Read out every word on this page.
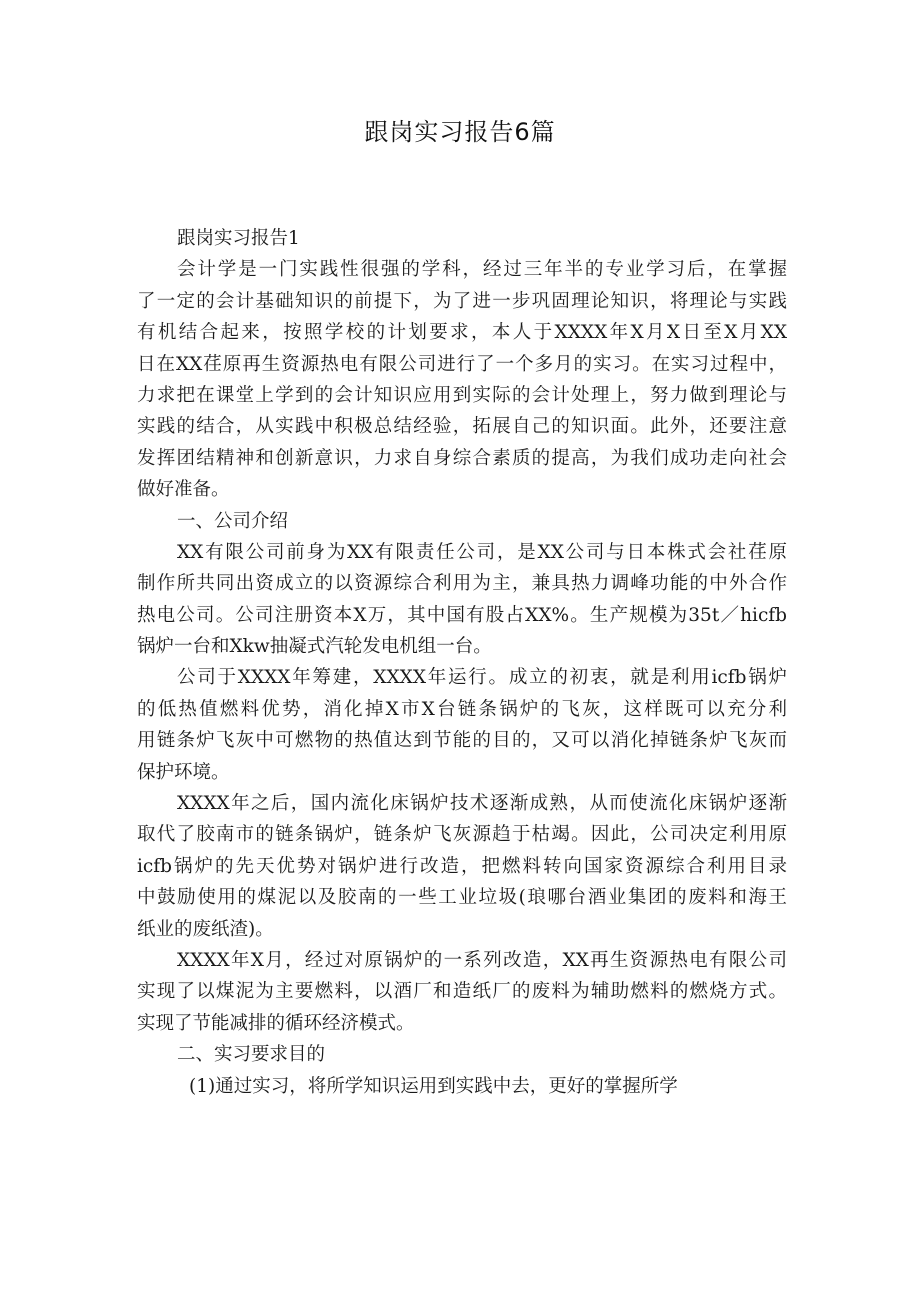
跟岗实习报告6篇
跟岗实习报告1
会计学是一门实践性很强的学科，经过三年半的专业学习后，在掌握
了一定的会计基础知识的前提下，为了进一步巩固理论知识，将理论与实践
有机结合起来，按照学校的计划要求，本人于XXXX年X月X日至X月XX
日在XX荏原再生资源热电有限公司进行了一个多月的实习。在实习过程中，
力求把在课堂上学到的会计知识应用到实际的会计处理上，努力做到理论与
实践的结合，从实践中积极总结经验，拓展自己的知识面。此外，还要注意
发挥团结精神和创新意识，力求自身综合素质的提高，为我们成功走向社会
做好准备。
一、公司介绍
XX有限公司前身为XX有限责任公司，是XX公司与日本株式会社荏原
制作所共同出资成立的以资源综合利用为主，兼具热力调峰功能的中外合作
热电公司。公司注册资本X万，其中国有股占XX%。生产规模为35t／hicfb
锅炉一台和Xkw抽凝式汽轮发电机组一台。
公司于XXXX年筹建，XXXX年运行。成立的初衷，就是利用icfb锅炉
的低热值燃料优势，消化掉X市X台链条锅炉的飞灰，这样既可以充分利
用链条炉飞灰中可燃物的热值达到节能的目的，又可以消化掉链条炉飞灰而
保护环境。
XXXX年之后，国内流化床锅炉技术逐渐成熟，从而使流化床锅炉逐渐
取代了胶南市的链条锅炉，链条炉飞灰源趋于枯竭。因此，公司决定利用原
icfb锅炉的先天优势对锅炉进行改造，把燃料转向国家资源综合利用目录
中鼓励使用的煤泥以及胶南的一些工业垃圾(琅哪台酒业集团的废料和海王
纸业的废纸渣)。
XXXX年X月，经过对原锅炉的一系列改造，XX再生资源热电有限公司
实现了以煤泥为主要燃料，以酒厂和造纸厂的废料为辅助燃料的燃烧方式。
实现了节能减排的循环经济模式。
二、实习要求目的
(1)通过实习，将所学知识运用到实践中去，更好的掌握所学
